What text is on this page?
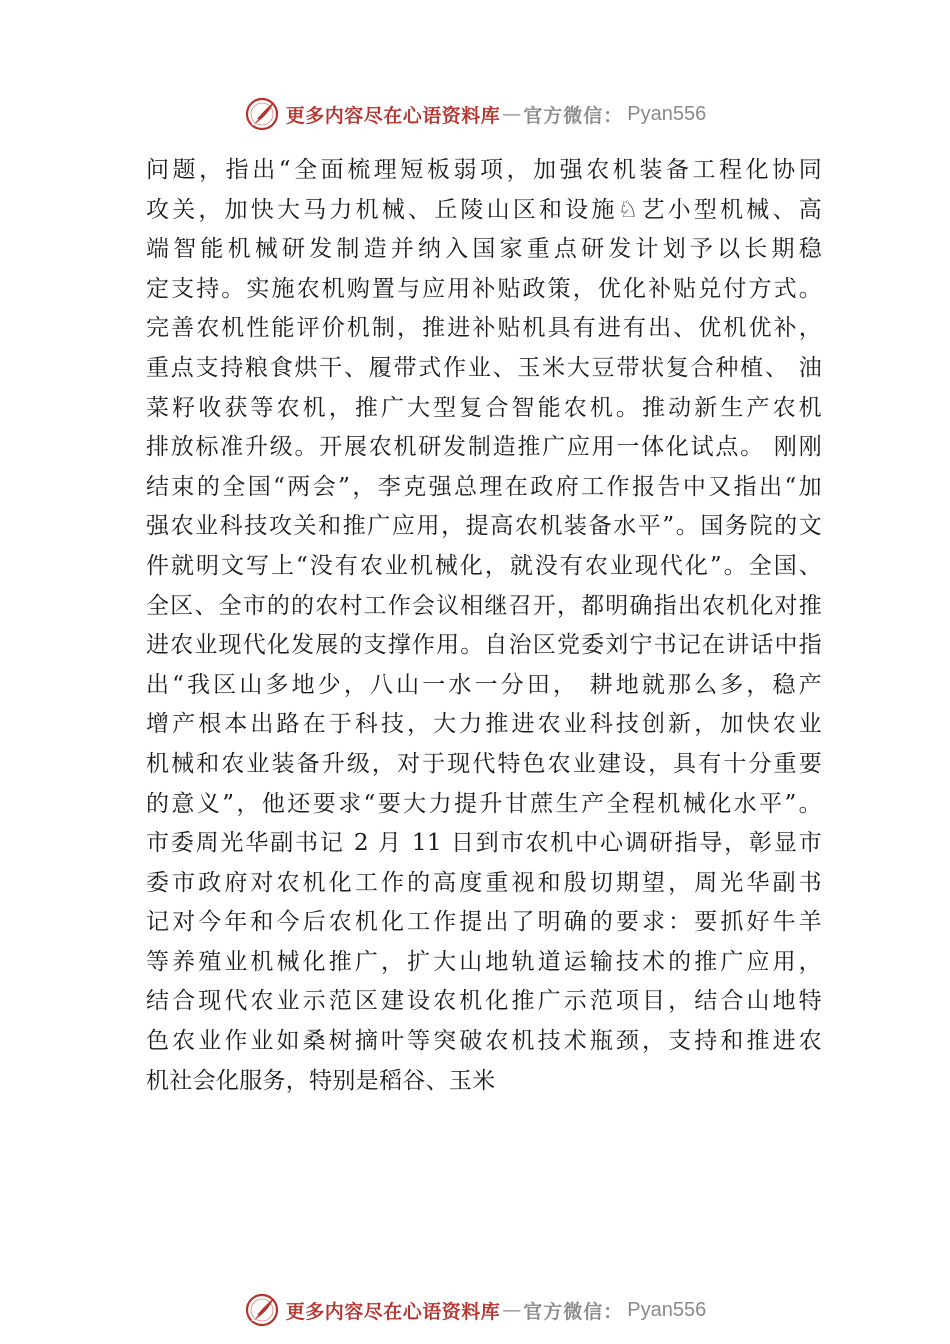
更多内容尽在心语资料库 — 官方微信： Pyan556
问题，指出“全面梳理短板弱项，加强农机装备工程化协同
攻关，加快大马力机械、丘陵山区和设施♘艺小型机械、高
端智能机械研发制造并纳入国家重点研发计划予以长期稳
定支持。实施农机购置与应用补贴政策，优化补贴兑付方式。
完善农机性能评价机制，推进补贴机具有进有出、优机优补，
重点支持粮食烘干、履带式作业、玉米大豆带状复合种植、 油
菜籽收获等农机，推广大型复合智能农机。推动新生产农机
排放标准升级。开展农机研发制造推广应用一体化试点。 刚刚
结束的全国“两会”，李克强总理在政府工作报告中又指出“加
强农业科技攻关和推广应用，提高农机装备水平”。国务院的文
件就明文写上“没有农业机械化，就没有农业现代化”。全国、
全区、全市的的农村工作会议相继召开，都明确指出农机化对推
进农业现代化发展的支撑作用。自治区党委刘宁书记在讲话中指
出“我区山多地少，八山一水一分田， 耕地就那么多，稳产
增产根本出路在于科技，大力推进农业科技创新，加快农业
机械和农业装备升级，对于现代特色农业建设，具有十分重要
的意义”，他还要求“要大力提升甘蔗生产全程机械化水平”。
市委周光华副书记 2 月 11 日到市农机中心调研指导，彰显市
委市政府对农机化工作的高度重视和殷切期望，周光华副书
记对今年和今后农机化工作提出了明确的要求：要抓好牛羊
等养殖业机械化推广，扩大山地轨道运输技术的推广应用，
结合现代农业示范区建设农机化推广示范项目，结合山地特
色农业作业如桑树摘叶等突破农机技术瓶颈，支持和推进农
机社会化服务，特别是稻谷、玉米
更多内容尽在心语资料库 — 官方微信： Pyan556
